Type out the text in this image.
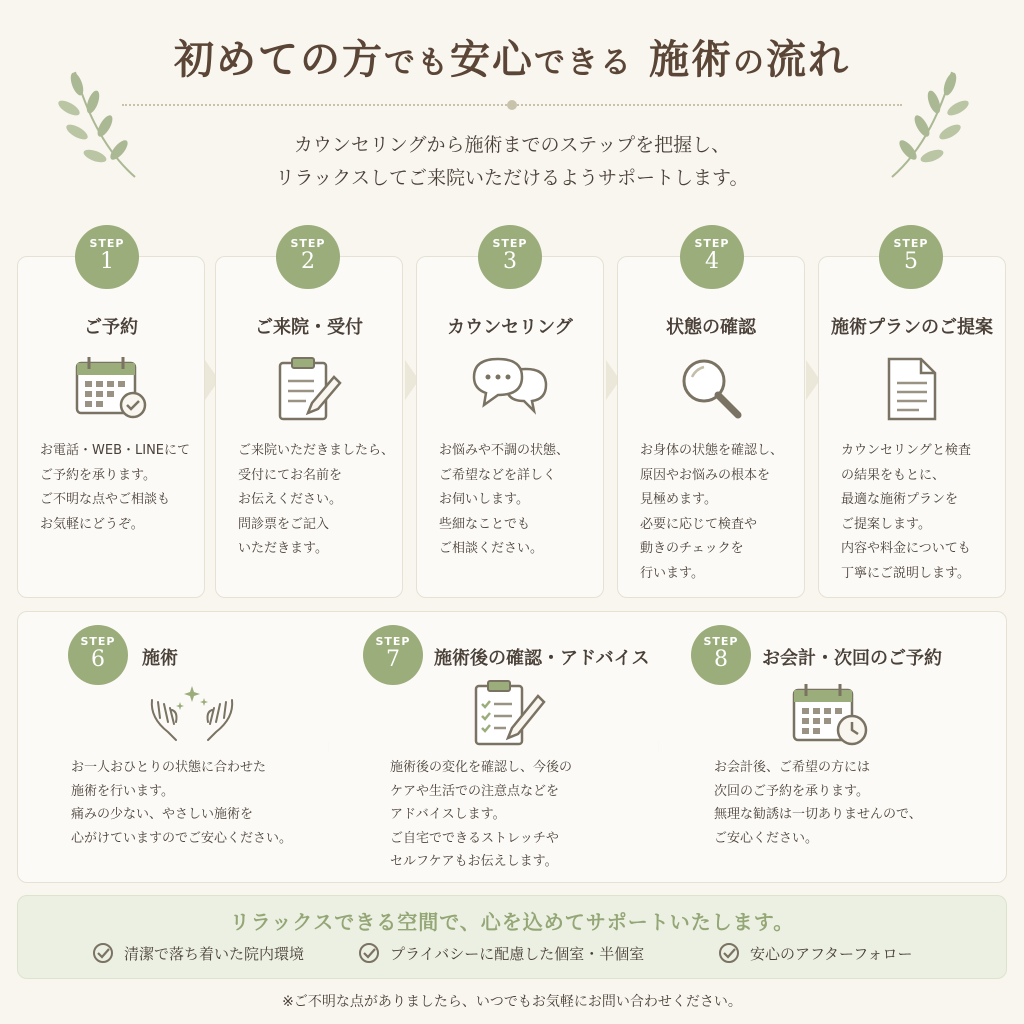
初めての方でも安心できる 施術の流れ
カウンセリングから施術までのステップを把握し、
リラックスしてご来院いただけるようサポートします。
ご予約
お電話・WEB・LINEにて
ご予約を承ります。
ご不明な点やご相談も
お気軽にどうぞ。
STEP
1
ご来院・受付
ご来院いただきましたら、
受付にてお名前を
お伝えください。
問診票をご記入
いただきます。
STEP
2
カウンセリング
お悩みや不調の状態、
ご希望などを詳しく
お伺いします。
些細なことでも
ご相談ください。
STEP
3
状態の確認
お身体の状態を確認し、
原因やお悩みの根本を
見極めます。
必要に応じて検査や
動きのチェックを
行います。
STEP
4
施術プランのご提案
カウンセリングと検査
の結果をもとに、
最適な施術プランを
ご提案します。
内容や料金についても
丁寧にご説明します。
STEP
5
STEP
6	施術
お一人おひとりの状態に合わせた
施術を行います。
痛みの少ない、やさしい施術を
心がけていますのでご安心ください。
STEP
7	施術後の確認・アドバイス
施術後の変化を確認し、今後の
ケアや生活での注意点などを
アドバイスします。
ご自宅でできるストレッチや
セルフケアもお伝えします。
STEP
8	お会計・次回のご予約
お会計後、ご希望の方には
次回のご予約を承ります。
無理な勧誘は一切ありませんので、
ご安心ください。
リラックスできる空間で、心を込めてサポートいたします。
清潔で落ち着いた院内環境	プライバシーに配慮した個室・半個室	安心のアフターフォロー
※ご不明な点がありましたら、いつでもお気軽にお問い合わせください。
